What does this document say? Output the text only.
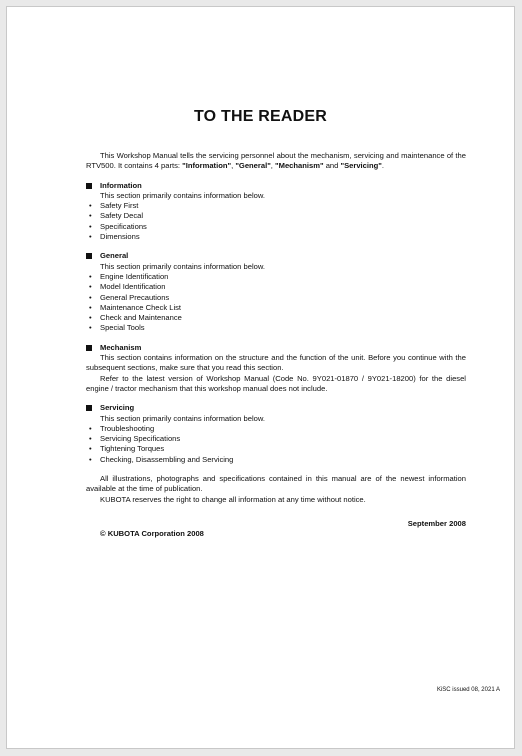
TO THE READER

This Workshop Manual tells the servicing personnel about the mechanism, servicing and maintenance of the RTV500. It contains 4 parts: "Information", "General", "Mechanism" and "Servicing".

Information
This section primarily contains information below.
• Safety First
• Safety Decal
• Specifications
• Dimensions
General
This section primarily contains information below.
• Engine Identification
• Model Identification
• General Precautions
• Maintenance Check List
• Check and Maintenance
• Special Tools
Mechanism
This section contains information on the structure and the function of the unit. Before you continue with the subsequent sections, make sure that you read this section.
Refer to the latest version of Workshop Manual (Code No. 9Y021-01870 / 9Y021-18200) for the diesel engine / tractor mechanism that this workshop manual does not include.
Servicing
This section primarily contains information below.
• Troubleshooting
• Servicing Specifications
• Tightening Torques
• Checking, Disassembling and Servicing

All illustrations, photographs and specifications contained in this manual are of the newest information available at the time of publication.

KUBOTA reserves the right to change all information at any time without notice.

September 2008
© KUBOTA Corporation 2008
KiSC issued 08, 2021 A
